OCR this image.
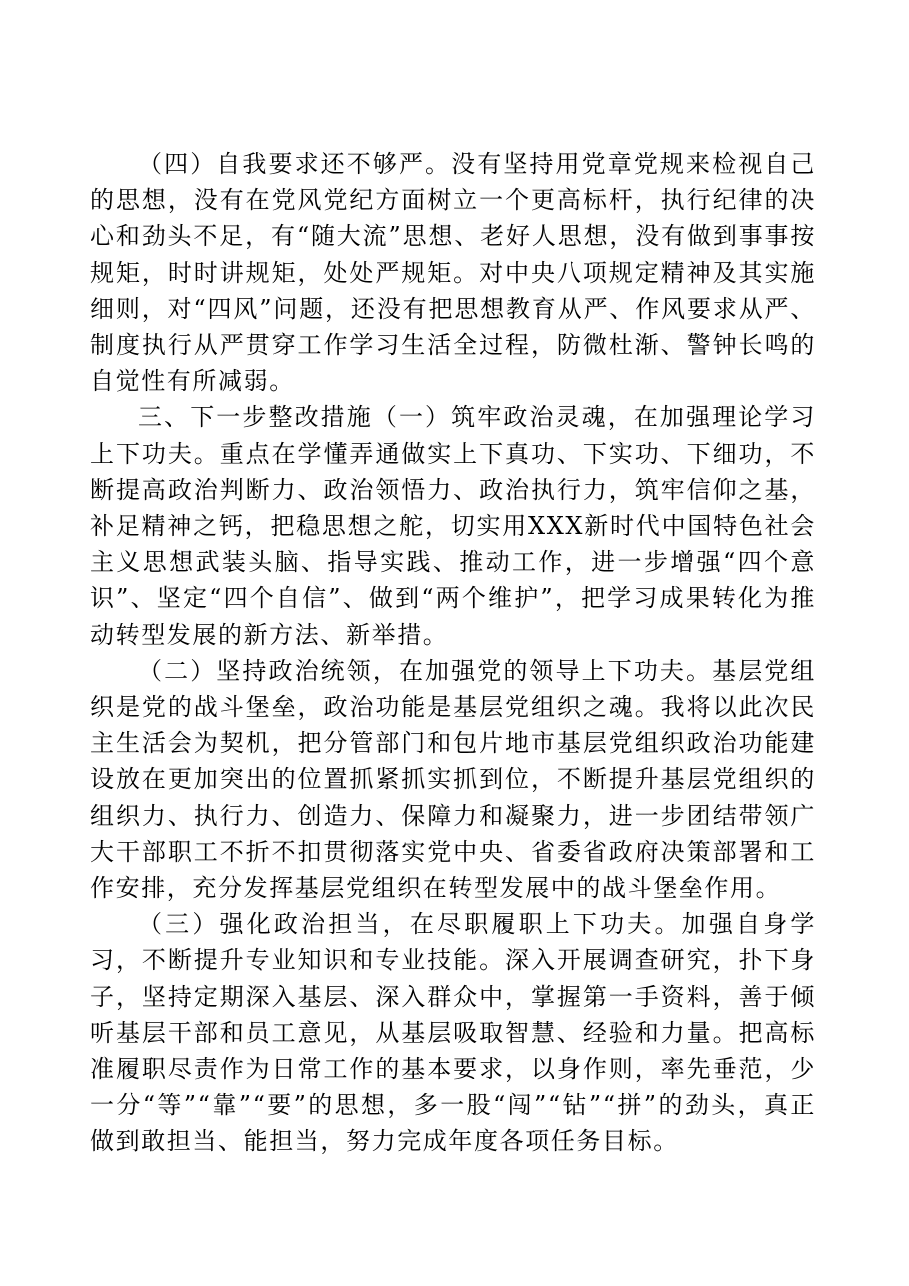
（四）自我要求还不够严。没有坚持用党章党规来检视自己的思想，没有在党风党纪方面树立一个更高标杆，执行纪律的决心和劲头不足，有“随大流”思想、老好人思想，没有做到事事按规矩，时时讲规矩，处处严规矩。对中央八项规定精神及其实施细则，对“四风”问题，还没有把思想教育从严、作风要求从严、制度执行从严贯穿工作学习生活全过程，防微杜渐、警钟长鸣的自觉性有所减弱。

三、下一步整改措施（一）筑牢政治灵魂，在加强理论学习上下功夫。重点在学懂弄通做实上下真功、下实功、下细功，不断提高政治判断力、政治领悟力、政治执行力，筑牢信仰之基，补足精神之钙，把稳思想之舵，切实用XXX新时代中国特色社会主义思想武装头脑、指导实践、推动工作，进一步增强“四个意识”、坚定“四个自信”、做到“两个维护”，把学习成果转化为推动转型发展的新方法、新举措。

（二）坚持政治统领，在加强党的领导上下功夫。基层党组织是党的战斗堡垒，政治功能是基层党组织之魂。我将以此次民主生活会为契机，把分管部门和包片地市基层党组织政治功能建设放在更加突出的位置抓紧抓实抓到位，不断提升基层党组织的组织力、执行力、创造力、保障力和凝聚力，进一步团结带领广大干部职工不折不扣贯彻落实党中央、省委省政府决策部署和工作安排，充分发挥基层党组织在转型发展中的战斗堡垒作用。

（三）强化政治担当，在尽职履职上下功夫。加强自身学习，不断提升专业知识和专业技能。深入开展调查研究，扑下身子，坚持定期深入基层、深入群众中，掌握第一手资料，善于倾听基层干部和员工意见，从基层吸取智慧、经验和力量。把高标准履职尽责作为日常工作的基本要求，以身作则，率先垂范，少一分“等”“靠”“要”的思想，多一股“闯”“钻”“拼”的劲头，真正做到敢担当、能担当，努力完成年度各项任务目标。
